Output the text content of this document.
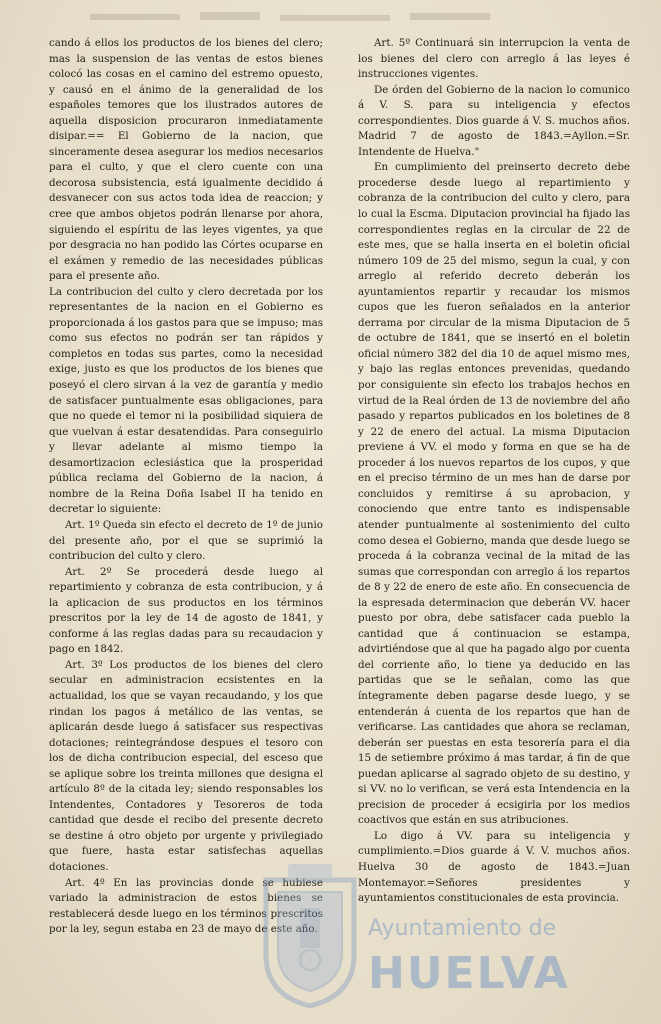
cando á ellos los productos de los bienes del clero; mas la suspension de las ventas de estos bienes colocó las cosas en el camino del estremo opuesto, y causó en el ánimo de la generalidad de los españoles temores que los ilustrados autores de aquella disposicion procuraron inmediatamente disipar.== El Gobierno de la nacion, que sinceramente desea asegurar los medios necesarios para el culto, y que el clero cuente con una decorosa subsistencia, está igualmente decidido á desvanecer con sus actos toda idea de reaccion; y cree que ambos objetos podrán llenarse por ahora, siguiendo el espíritu de las leyes vigentes, ya que por desgracia no han podido las Córtes ocuparse en el exámen y remedio de las necesidades públicas para el presente año.

La contribucion del culto y clero decretada por los representantes de la nacion en el Gobierno es proporcionada á los gastos para que se impuso; mas como sus efectos no podrán ser tan rápidos y completos en todas sus partes, como la necesidad exige, justo es que los productos de los bienes que poseyó el clero sirvan á la vez de garantía y medio de satisfacer puntualmente esas obligaciones, para que no quede el temor ni la posibilidad siquiera de que vuelvan á estar desatendidas. Para conseguirlo y llevar adelante al mismo tiempo la desamortizacion eclesiástica que la prosperidad pública reclama del Gobierno de la nacion, á nombre de la Reina Doña Isabel II ha tenido en decretar lo siguiente:

Art. 1º Queda sin efecto el decreto de 1º de junio del presente año, por el que se suprimió la contribucion del culto y clero.

Art. 2º Se procederá desde luego al repartimiento y cobranza de esta contribucion, y á la aplicacion de sus productos en los términos prescritos por la ley de 14 de agosto de 1841, y conforme á las reglas dadas para su recaudacion y pago en 1842.

Art. 3º Los productos de los bienes del clero secular en administracion ecsistentes en la actualidad, los que se vayan recaudando, y los que rindan los pagos á metálico de las ventas, se aplicarán desde luego á satisfacer sus respectivas dotaciones; reintegrándose despues el tesoro con los de dicha contribucion especial, del esceso que se aplique sobre los treinta millones que designa el artículo 8º de la citada ley; siendo responsables los Intendentes, Contadores y Tesoreros de toda cantidad que desde el recibo del presente decreto se destine á otro objeto por urgente y privilegiado que fuere, hasta estar satisfechas aquellas dotaciones.

Art. 4º En las provincias donde se hubiese variado la administracion de estos bienes se restablecerá desde luego en los términos prescritos por la ley, segun estaba en 23 de mayo de este año.

Art. 5º Continuará sin interrupcion la venta de los bienes del clero con arreglo á las leyes é instrucciones vigentes.

De órden del Gobierno de la nacion lo comunico á V. S. para su inteligencia y efectos correspondientes. Dios guarde á V. S. muchos años. Madrid 7 de agosto de 1843.=Ayllon.=Sr. Intendente de Huelva."

En cumplimiento del preinserto decreto debe procederse desde luego al repartimiento y cobranza de la contribucion del culto y clero, para lo cual la Escma. Diputacion provincial ha fijado las correspondientes reglas en la circular de 22 de este mes, que se halla inserta en el boletin oficial número 109 de 25 del mismo, segun la cual, y con arreglo al referido decreto deberán los ayuntamientos repartir y recaudar los mismos cupos que les fueron señalados en la anterior derrama por circular de la misma Diputacion de 5 de octubre de 1841, que se insertó en el boletin oficial número 382 del dia 10 de aquel mismo mes, y bajo las reglas entonces prevenidas, quedando por consiguiente sin efecto los trabajos hechos en virtud de la Real órden de 13 de noviembre del año pasado y repartos publicados en los boletines de 8 y 22 de enero del actual. La misma Diputacion previene á VV. el modo y forma en que se ha de proceder á los nuevos repartos de los cupos, y que en el preciso término de un mes han de darse por concluidos y remitirse á su aprobacion, y conociendo que entre tanto es indispensable atender puntualmente al sostenimiento del culto como desea el Gobierno, manda que desde luego se proceda á la cobranza vecinal de la mitad de las sumas que correspondan con arreglo á los repartos de 8 y 22 de enero de este año. En consecuencia de la espresada determinacion que deberán VV. hacer puesto por obra, debe satisfacer cada pueblo la cantidad que á continuacion se estampa, advirtiéndose que al que ha pagado algo por cuenta del corriente año, lo tiene ya deducido en las partidas que se le señalan, como las que íntegramente deben pagarse desde luego, y se entenderán á cuenta de los repartos que han de verificarse. Las cantidades que ahora se reclaman, deberán ser puestas en esta tesorería para el dia 15 de setiembre próximo á mas tardar, á fin de que puedan aplicarse al sagrado objeto de su destino, y si VV. no lo verifican, se verá esta Intendencia en la precision de proceder á ecsigirla por los medios coactivos que están en sus atribuciones.

Lo digo á VV. para su inteligencia y cumplimiento.=Dios guarde á V. V. muchos años. Huelva 30 de agosto de 1843.=Juan Montemayor.=Señores presidentes y ayuntamientos constitucionales de esta provincia.

Ayuntamiento de
HUELVA
